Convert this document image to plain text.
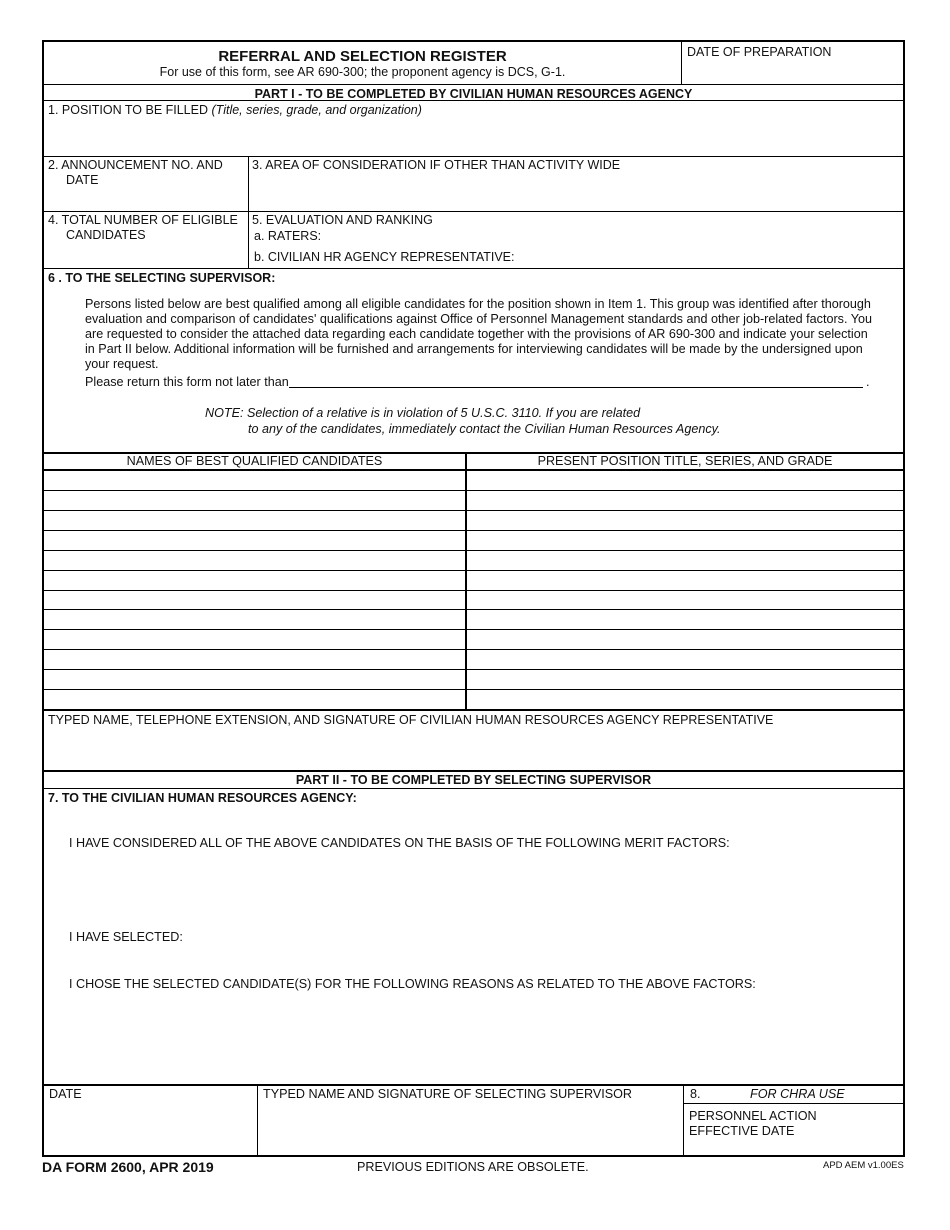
REFERRAL AND SELECTION REGISTER
For use of this form, see AR 690-300; the proponent agency is DCS, G-1.
DATE OF PREPARATION
PART I - TO BE COMPLETED BY CIVILIAN HUMAN RESOURCES AGENCY
1. POSITION TO BE FILLED (Title, series, grade, and organization)
2. ANNOUNCEMENT NO. AND
DATE
3. AREA OF CONSIDERATION IF OTHER THAN ACTIVITY WIDE
4. TOTAL NUMBER OF ELIGIBLE
CANDIDATES
5. EVALUATION AND RANKING
a. RATERS:
b. CIVILIAN HR AGENCY REPRESENTATIVE:
6 . TO THE SELECTING SUPERVISOR:
Persons listed below are best qualified among all eligible candidates for the position shown in Item 1. This group was identified after thorough evaluation and comparison of candidates' qualifications against Office of Personnel Management standards and other job-related factors. You are requested to consider the attached data regarding each candidate together with the provisions of AR 690-300 and indicate your selection in Part II below. Additional information will be furnished and arrangements for interviewing candidates will be made by the undersigned upon your request.
Please return this form not later than	.
NOTE: Selection of a relative is in violation of 5 U.S.C. 3110. If you are related
to any of the candidates, immediately contact the Civilian Human Resources Agency.
NAMES OF BEST QUALIFIED CANDIDATES	PRESENT POSITION TITLE, SERIES, AND GRADE
TYPED NAME, TELEPHONE EXTENSION, AND SIGNATURE OF CIVILIAN HUMAN RESOURCES AGENCY REPRESENTATIVE
PART II - TO BE COMPLETED BY SELECTING SUPERVISOR
7. TO THE CIVILIAN HUMAN RESOURCES AGENCY:
I HAVE CONSIDERED ALL OF THE ABOVE CANDIDATES ON THE BASIS OF THE FOLLOWING MERIT FACTORS:
I HAVE SELECTED:
I CHOSE THE SELECTED CANDIDATE(S) FOR THE FOLLOWING REASONS AS RELATED TO THE ABOVE FACTORS:
DATE	TYPED NAME AND SIGNATURE OF SELECTING SUPERVISOR	8.	FOR CHRA USE
PERSONNEL ACTION
EFFECTIVE DATE
DA FORM 2600, APR 2019	PREVIOUS EDITIONS ARE OBSOLETE.	APD AEM v1.00ES
